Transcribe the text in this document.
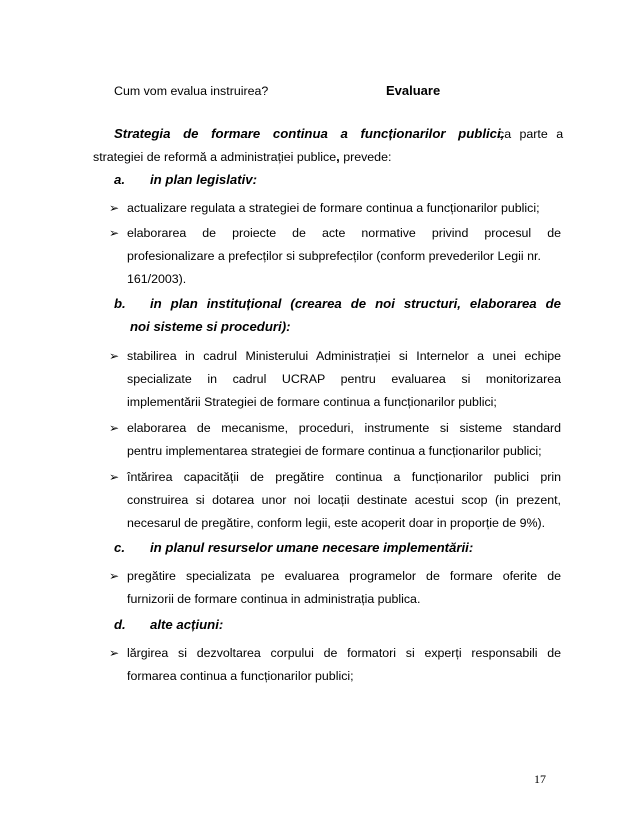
Cum vom evalua instruirea?	Evaluare
Strategia de formare continua a funcționarilor publici,
ca parte a
strategiei de reformă a administrației publice, prevede:
a. in plan legislativ:
➢ actualizare regulata a strategiei de formare continua a funcționarilor publici;
➢ elaborarea de proiecte de acte normative privind procesul de
profesionalizare a prefecților si subprefecților (conform prevederilor Legii nr.
161/2003).
b. in plan instituțional (crearea de noi structuri, elaborarea de
noi sisteme si proceduri):
➢ stabilirea in cadrul Ministerului Administrației si Internelor a unei echipe
specializate in cadrul UCRAP pentru evaluarea si monitorizarea
implementării Strategiei de formare continua a funcționarilor publici;
➢ elaborarea de mecanisme, proceduri, instrumente si sisteme standard
pentru implementarea strategiei de formare continua a funcționarilor publici;
➢ întărirea capacității de pregătire continua a funcționarilor publici prin
construirea si dotarea unor noi locații destinate acestui scop (in prezent,
necesarul de pregătire, conform legii, este acoperit doar in proporție de 9%).
c. in planul resurselor umane necesare implementării:
➢ pregătire specializata pe evaluarea programelor de formare oferite de
furnizorii de formare continua in administrația publica.
d. alte acțiuni:
➢ lărgirea si dezvoltarea corpului de formatori si experți responsabili de
formarea continua a funcționarilor publici;
17
